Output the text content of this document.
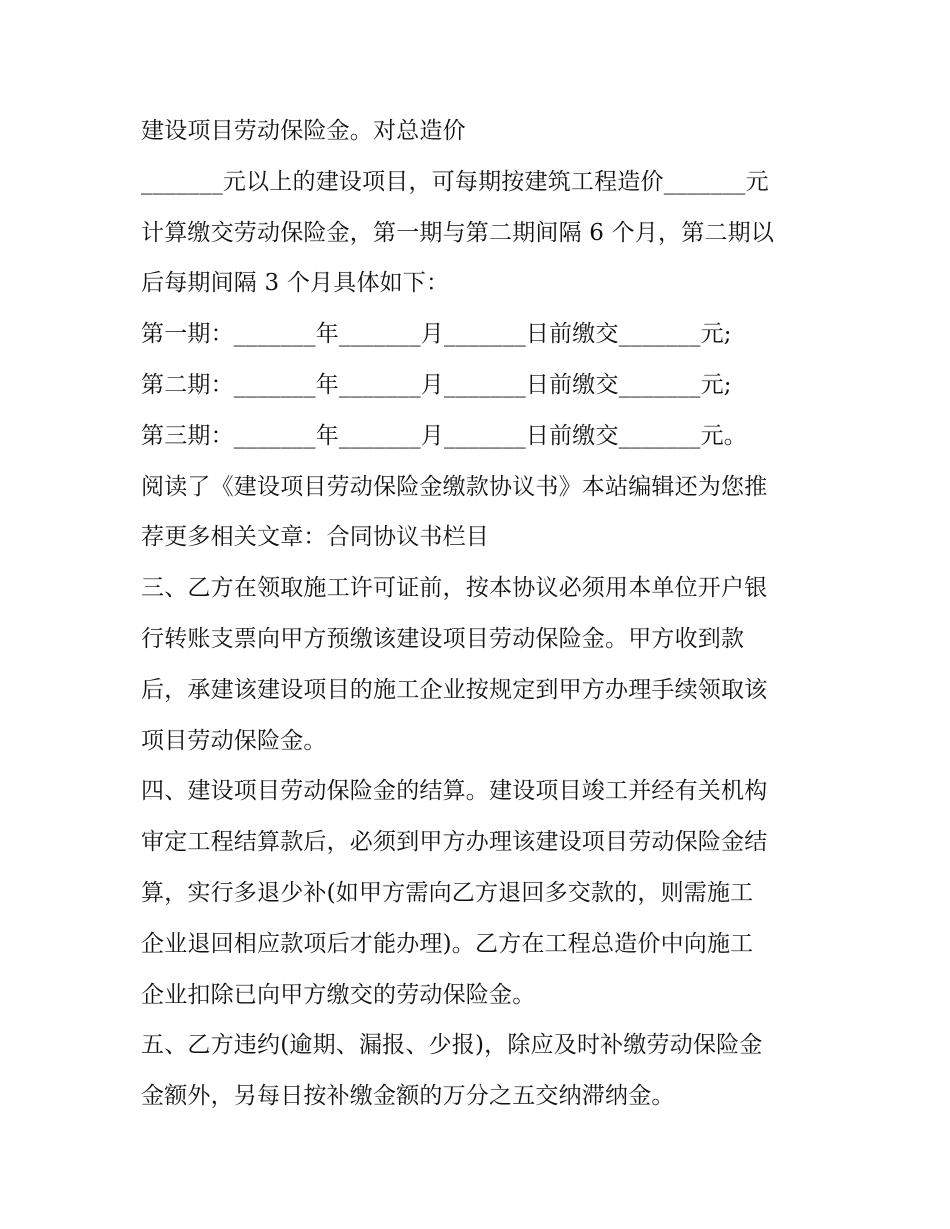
建设项目劳动保险金。对总造价
_______元以上的建设项目，可每期按建筑工程造价_______元
计算缴交劳动保险金，第一期与第二期间隔 6 个月，第二期以
后每期间隔 3 个月具体如下：
第一期：_______年_______月_______日前缴交_______元;
第二期：_______年_______月_______日前缴交_______元;
第三期：_______年_______月_______日前缴交_______元。
阅读了《建设项目劳动保险金缴款协议书》本站编辑还为您推
荐更多相关文章：合同协议书栏目
三、乙方在领取施工许可证前，按本协议必须用本单位开户银
行转账支票向甲方预缴该建设项目劳动保险金。甲方收到款
后，承建该建设项目的施工企业按规定到甲方办理手续领取该
项目劳动保险金。
四、建设项目劳动保险金的结算。建设项目竣工并经有关机构
审定工程结算款后，必须到甲方办理该建设项目劳动保险金结
算，实行多退少补(如甲方需向乙方退回多交款的，则需施工
企业退回相应款项后才能办理)。乙方在工程总造价中向施工
企业扣除已向甲方缴交的劳动保险金。
五、乙方违约(逾期、漏报、少报)，除应及时补缴劳动保险金
金额外，另每日按补缴金额的万分之五交纳滞纳金。
